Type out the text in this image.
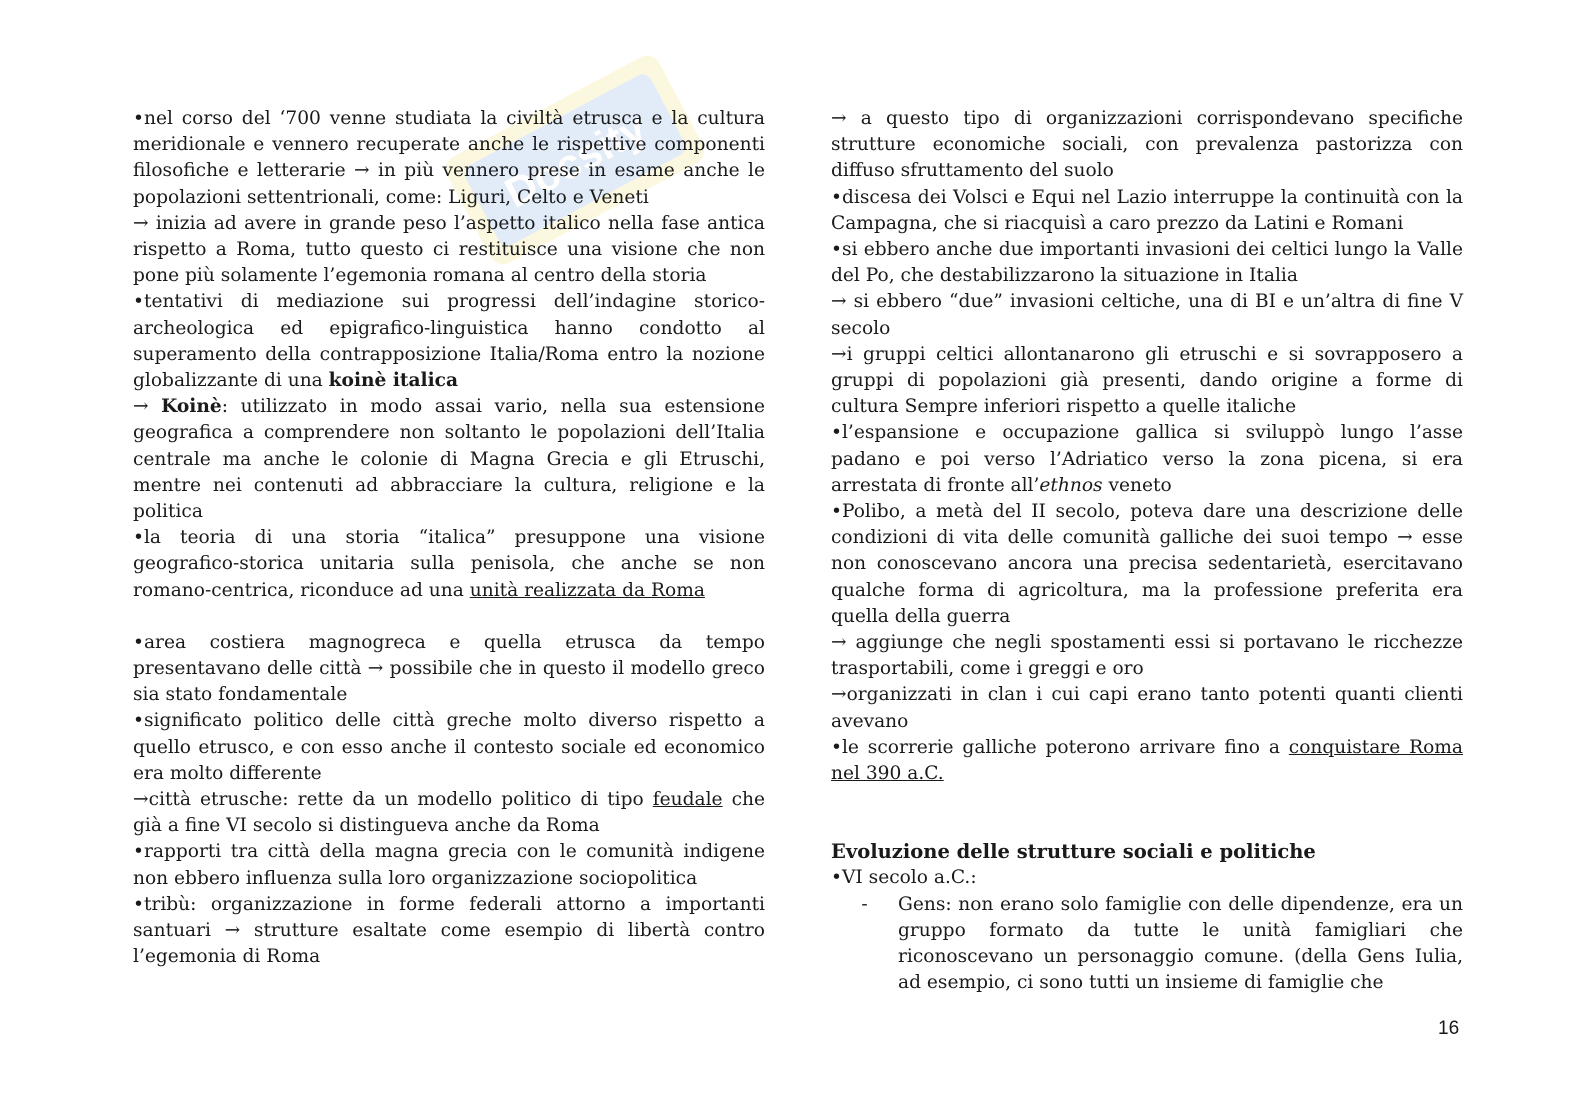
Docsity

•nel corso del ‘700 venne studiata la civiltà etrusca e la cultura meridionale e vennero recuperate anche le rispettive componenti filosofiche e letterarie → in più vennero prese in esame anche le popolazioni settentrionali, come: Liguri, Celto e Veneti

→ inizia ad avere in grande peso l’aspetto italico nella fase antica rispetto a Roma, tutto questo ci restituisce una visione che non pone più solamente l’egemonia romana al centro della storia

•tentativi di mediazione sui progressi dell’indagine storico-archeologica ed epigrafico-linguistica hanno condotto al superamento della contrapposizione Italia/Roma entro la nozione globalizzante di una koinè italica

→ Koinè: utilizzato in modo assai vario, nella sua estensione geografica a comprendere non soltanto le popolazioni dell’Italia centrale ma anche le colonie di Magna Grecia e gli Etruschi, mentre nei contenuti ad abbracciare la cultura, religione e la politica

•la teoria di una storia “italica” presuppone una visione geografico-storica unitaria sulla penisola, che anche se non romano-centrica, riconduce ad una unità realizzata da Roma

•area costiera magnogreca e quella etrusca da tempo presentavano delle città → possibile che in questo il modello greco sia stato fondamentale

•significato politico delle città greche molto diverso rispetto a quello etrusco, e con esso anche il contesto sociale ed economico era molto differente

→città etrusche: rette da un modello politico di tipo feudale che già a fine VI secolo si distingueva anche da Roma

•rapporti tra città della magna grecia con le comunità indigene non ebbero influenza sulla loro organizzazione sociopolitica

•tribù: organizzazione in forme federali attorno a importanti santuari → strutture esaltate come esempio di libertà contro l’egemonia di Roma

→ a questo tipo di organizzazioni corrispondevano specifiche strutture economiche sociali, con prevalenza pastorizza con diffuso sfruttamento del suolo

•discesa dei Volsci e Equi nel Lazio interruppe la continuità con la Campagna, che si riacquisì a caro prezzo da Latini e Romani

•si ebbero anche due importanti invasioni dei celtici lungo la Valle del Po, che destabilizzarono la situazione in Italia

→ si ebbero “due” invasioni celtiche, una di BI e un’altra di fine V secolo

→i gruppi celtici allontanarono gli etruschi e si sovrapposero a gruppi di popolazioni già presenti, dando origine a forme di cultura Sempre inferiori rispetto a quelle italiche

•l’espansione e occupazione gallica si sviluppò lungo l’asse padano e poi verso l’Adriatico verso la zona picena, si era arrestata di fronte all’ethnos veneto

•Polibo, a metà del II secolo, poteva dare una descrizione delle condizioni di vita delle comunità galliche dei suoi tempo → esse non conoscevano ancora una precisa sedentarietà, esercitavano qualche forma di agricoltura, ma la professione preferita era quella della guerra

→ aggiunge che negli spostamenti essi si portavano le ricchezze trasportabili, come i greggi e oro

→organizzati in clan i cui capi erano tanto potenti quanti clienti avevano

•le scorrerie galliche poterono arrivare fino a conquistare Roma nel 390 a.C.

Evoluzione delle strutture sociali e politiche

•VI secolo a.C.:

-	Gens: non erano solo famiglie con delle dipendenze, era un gruppo formato da tutte le unità famigliari che riconoscevano un personaggio comune. (della Gens Iulia, ad esempio, ci sono tutti un insieme di famiglie che
16
